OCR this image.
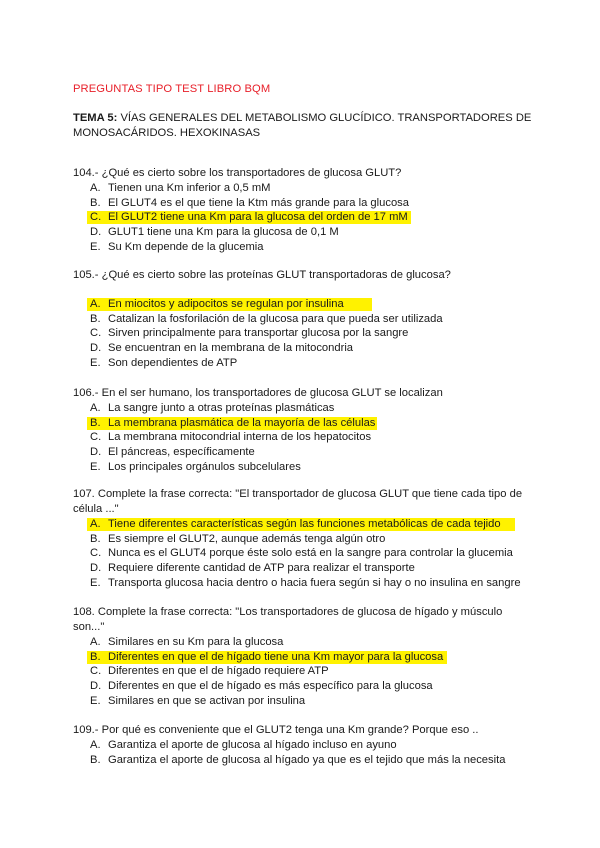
PREGUNTAS TIPO TEST LIBRO BQM

TEMA 5: VÍAS GENERALES DEL METABOLISMO GLUCÍDICO. TRANSPORTADORES DE MONOSACÁRIDOS. HEXOKINASAS

104.- ¿Qué es cierto sobre los transportadores de glucosa GLUT?

A. Tienen una Km inferior a 0,5 mM
B. El GLUT4 es el que tiene la Ktm más grande para la glucosa
C. El GLUT2 tiene una Km para la glucosa del orden de 17 mM
D. GLUT1 tiene una Km para la glucosa de 0,1 M
E. Su Km depende de la glucemia

105.- ¿Qué es cierto sobre las proteínas GLUT transportadoras de glucosa?

A. En miocitos y adipocitos se regulan por insulina
B. Catalizan la fosforilación de la glucosa para que pueda ser utilizada
C. Sirven principalmente para transportar glucosa por la sangre
D. Se encuentran en la membrana de la mitocondria
E. Son dependientes de ATP

106.- En el ser humano, los transportadores de glucosa GLUT se localizan

A. La sangre junto a otras proteínas plasmáticas
B. La membrana plasmática de la mayoría de las células
C. La membrana mitocondrial interna de los hepatocitos
D. El páncreas, específicamente
E. Los principales orgánulos subcelulares

107. Complete la frase correcta: "El transportador de glucosa GLUT que tiene cada tipo de célula ..."

A. Tiene diferentes características según las funciones metabólicas de cada tejido
B. Es siempre el GLUT2, aunque además tenga algún otro
C. Nunca es el GLUT4 porque éste solo está en la sangre para controlar la glucemia
D. Requiere diferente cantidad de ATP para realizar el transporte
E. Transporta glucosa hacia dentro o hacia fuera según si hay o no insulina en sangre

108. Complete la frase correcta: "Los transportadores de glucosa de hígado y músculo son..."

A. Similares en su Km para la glucosa
B. Diferentes en que el de hígado tiene una Km mayor para la glucosa
C. Diferentes en que el de hígado requiere ATP
D. Diferentes en que el de hígado es más específico para la glucosa
E. Similares en que se activan por insulina

109.- Por qué es conveniente que el GLUT2 tenga una Km grande? Porque eso ..

A. Garantiza el aporte de glucosa al hígado incluso en ayuno
B. Garantiza el aporte de glucosa al hígado ya que es el tejido que más la necesita
